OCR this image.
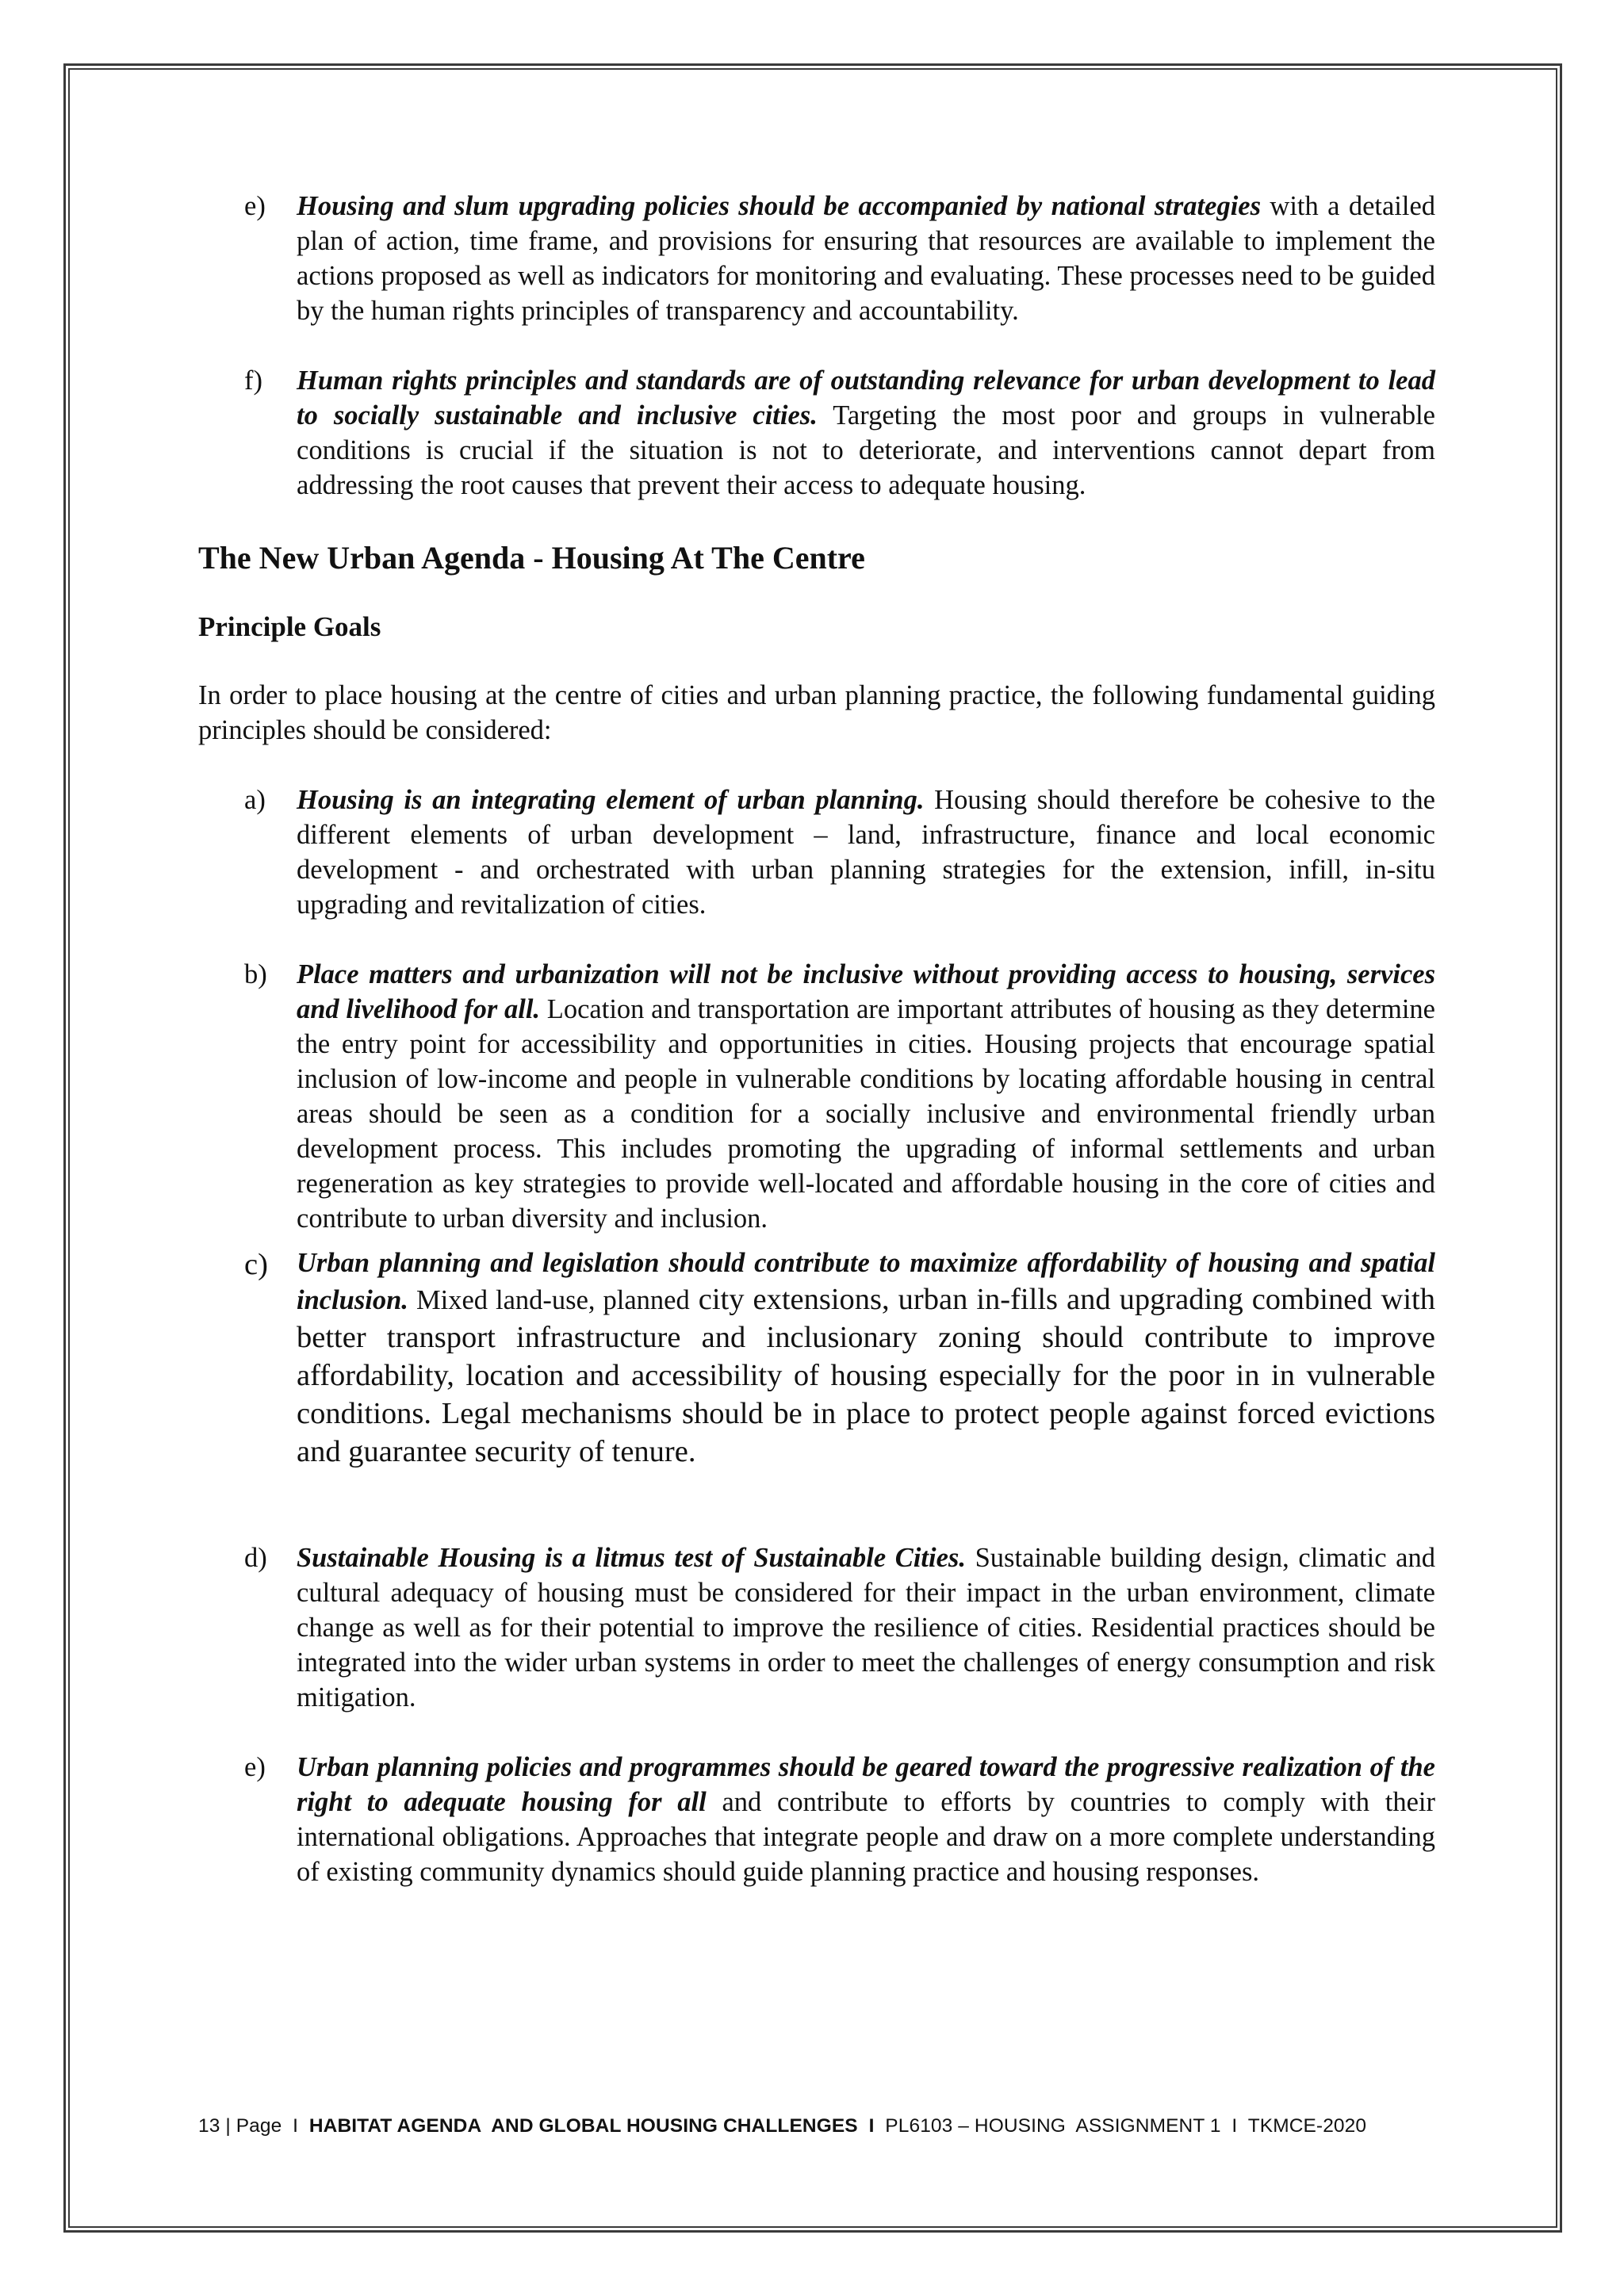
e) Housing and slum upgrading policies should be accompanied by national strategies with a detailed plan of action, time frame, and provisions for ensuring that resources are available to implement the actions proposed as well as indicators for monitoring and evaluating. These processes need to be guided by the human rights principles of transparency and accountability.

f) Human rights principles and standards are of outstanding relevance for urban development to lead to socially sustainable and inclusive cities. Targeting the most poor and groups in vulnerable conditions is crucial if the situation is not to deteriorate, and interventions cannot depart from addressing the root causes that prevent their access to adequate housing.

The New Urban Agenda - Housing At The Centre
Principle Goals

In order to place housing at the centre of cities and urban planning practice, the following fundamental guiding principles should be considered:

a) Housing is an integrating element of urban planning. Housing should therefore be cohesive to the different elements of urban development – land, infrastructure, finance and local economic development - and orchestrated with urban planning strategies for the extension, infill, in-situ upgrading and revitalization of cities.

b) Place matters and urbanization will not be inclusive without providing access to housing, services and livelihood for all. Location and transportation are important attributes of housing as they determine the entry point for accessibility and opportunities in cities. Housing projects that encourage spatial inclusion of low-income and people in vulnerable conditions by locating affordable housing in central areas should be seen as a condition for a socially inclusive and environmental friendly urban development process. This includes promoting the upgrading of informal settlements and urban regeneration as key strategies to provide well-located and affordable housing in the core of cities and contribute to urban diversity and inclusion.

c) Urban planning and legislation should contribute to maximize affordability of housing and spatial inclusion. Mixed land-use, planned city extensions, urban in-fills and upgrading combined with better transport infrastructure and inclusionary zoning should contribute to improve affordability, location and accessibility of housing especially for the poor in in vulnerable conditions. Legal mechanisms should be in place to protect people against forced evictions and guarantee security of tenure.

d) Sustainable Housing is a litmus test of Sustainable Cities. Sustainable building design, climatic and cultural adequacy of housing must be considered for their impact in the urban environment, climate change as well as for their potential to improve the resilience of cities. Residential practices should be integrated into the wider urban systems in order to meet the challenges of energy consumption and risk mitigation.

e) Urban planning policies and programmes should be geared toward the progressive realization of the right to adequate housing for all and contribute to efforts by countries to comply with their international obligations. Approaches that integrate people and draw on a more complete understanding of existing community dynamics should guide planning practice and housing responses.

13 | Page  I  HABITAT AGENDA  AND GLOBAL HOUSING CHALLENGES  I  PL6103 – HOUSING  ASSIGNMENT 1  I  TKMCE-2020
